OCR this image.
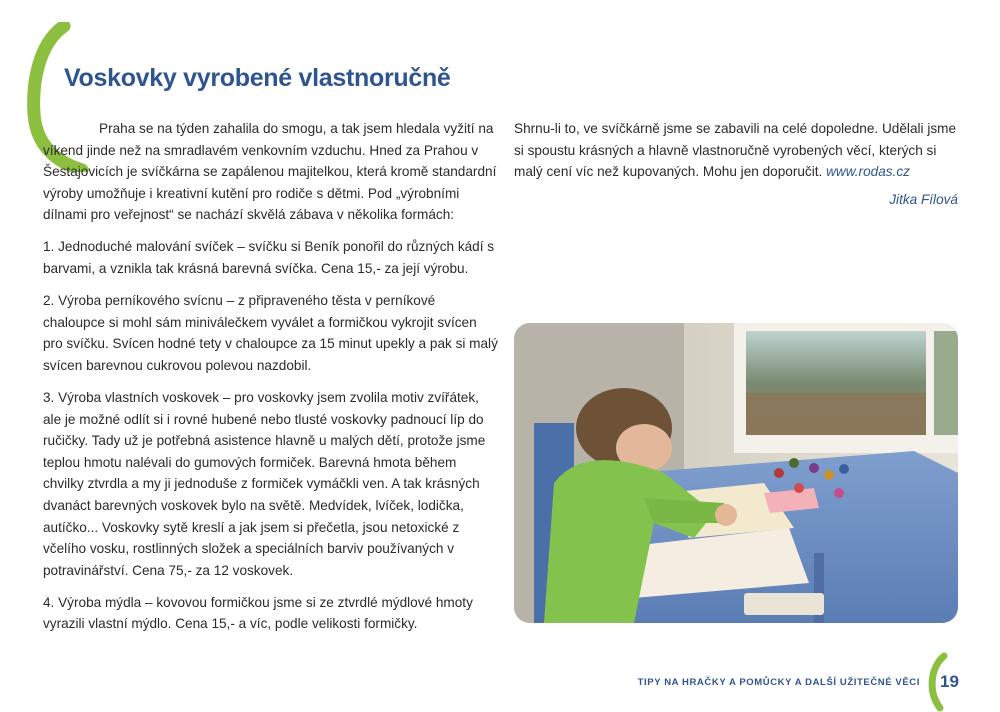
Voskovky vyrobené vlastnoručně

Praha se na týden zahalila do smogu, a tak jsem hledala vyžití na víkend jinde než na smradlavém venkovním vzduchu. Hned za Prahou v Šestajovicích je svíčkárna se zapálenou majitelkou, která kromě standardní výroby umožňuje i kreativní kutění pro rodiče s dětmi. Pod „výrobními dílnami pro veřejnost“ se nachází skvělá zábava v několika formách:

1. Jednoduché malování svíček – svíčku si Beník ponořil do různých kádí s barvami, a vznikla tak krásná barevná svíčka. Cena 15,- za její výrobu.

2. Výroba perníkového svícnu – z připraveného těsta v perníkové chaloupce si mohl sám miniválečkem vyválet a formičkou vykrojit svícen pro svíčku. Svícen hodné tety v chaloupce za 15 minut upekly a pak si malý svícen barevnou cukrovou polevou nazdobil.

3. Výroba vlastních voskovek – pro voskovky jsem zvolila motiv zvířátek, ale je možné odlít si i rovné hubené nebo tlusté voskovky padnoucí líp do ručičky. Tady už je potřebná asistence hlavně u malých dětí, protože jsme teplou hmotu nalévali do gumových formiček. Barevná hmota během chvilky ztvrdla a my ji jednoduše z formiček vymáčkli ven. A tak krásných dvanáct barevných voskovek bylo na světě. Medvídek, lvíček, lodička, autíčko... Voskovky sytě kreslí a jak jsem si přečetla, jsou netoxické z včelího vosku, rostlinných složek a speciálních barviv používaných v potravinářství. Cena 75,- za 12 voskovek.

4. Výroba mýdla – kovovou formičkou jsme si ze ztvrdlé mýdlové hmoty vyrazili vlastní mýdlo. Cena 15,- a víc, podle velikosti formičky.

Shrnu-li to, ve svíčkárně jsme se zabavili na celé dopoledne. Udělali jsme si spoustu krásných a hlavně vlastnoručně vyrobených věcí, kterých si malý cení víc než kupovaných. Mohu jen doporučit. www.rodas.cz

Jitka Fílová
TIPY NA HRAČKY A POMŮCKY A DALŠÍ UŽITEČNÉ VĚCI 19
